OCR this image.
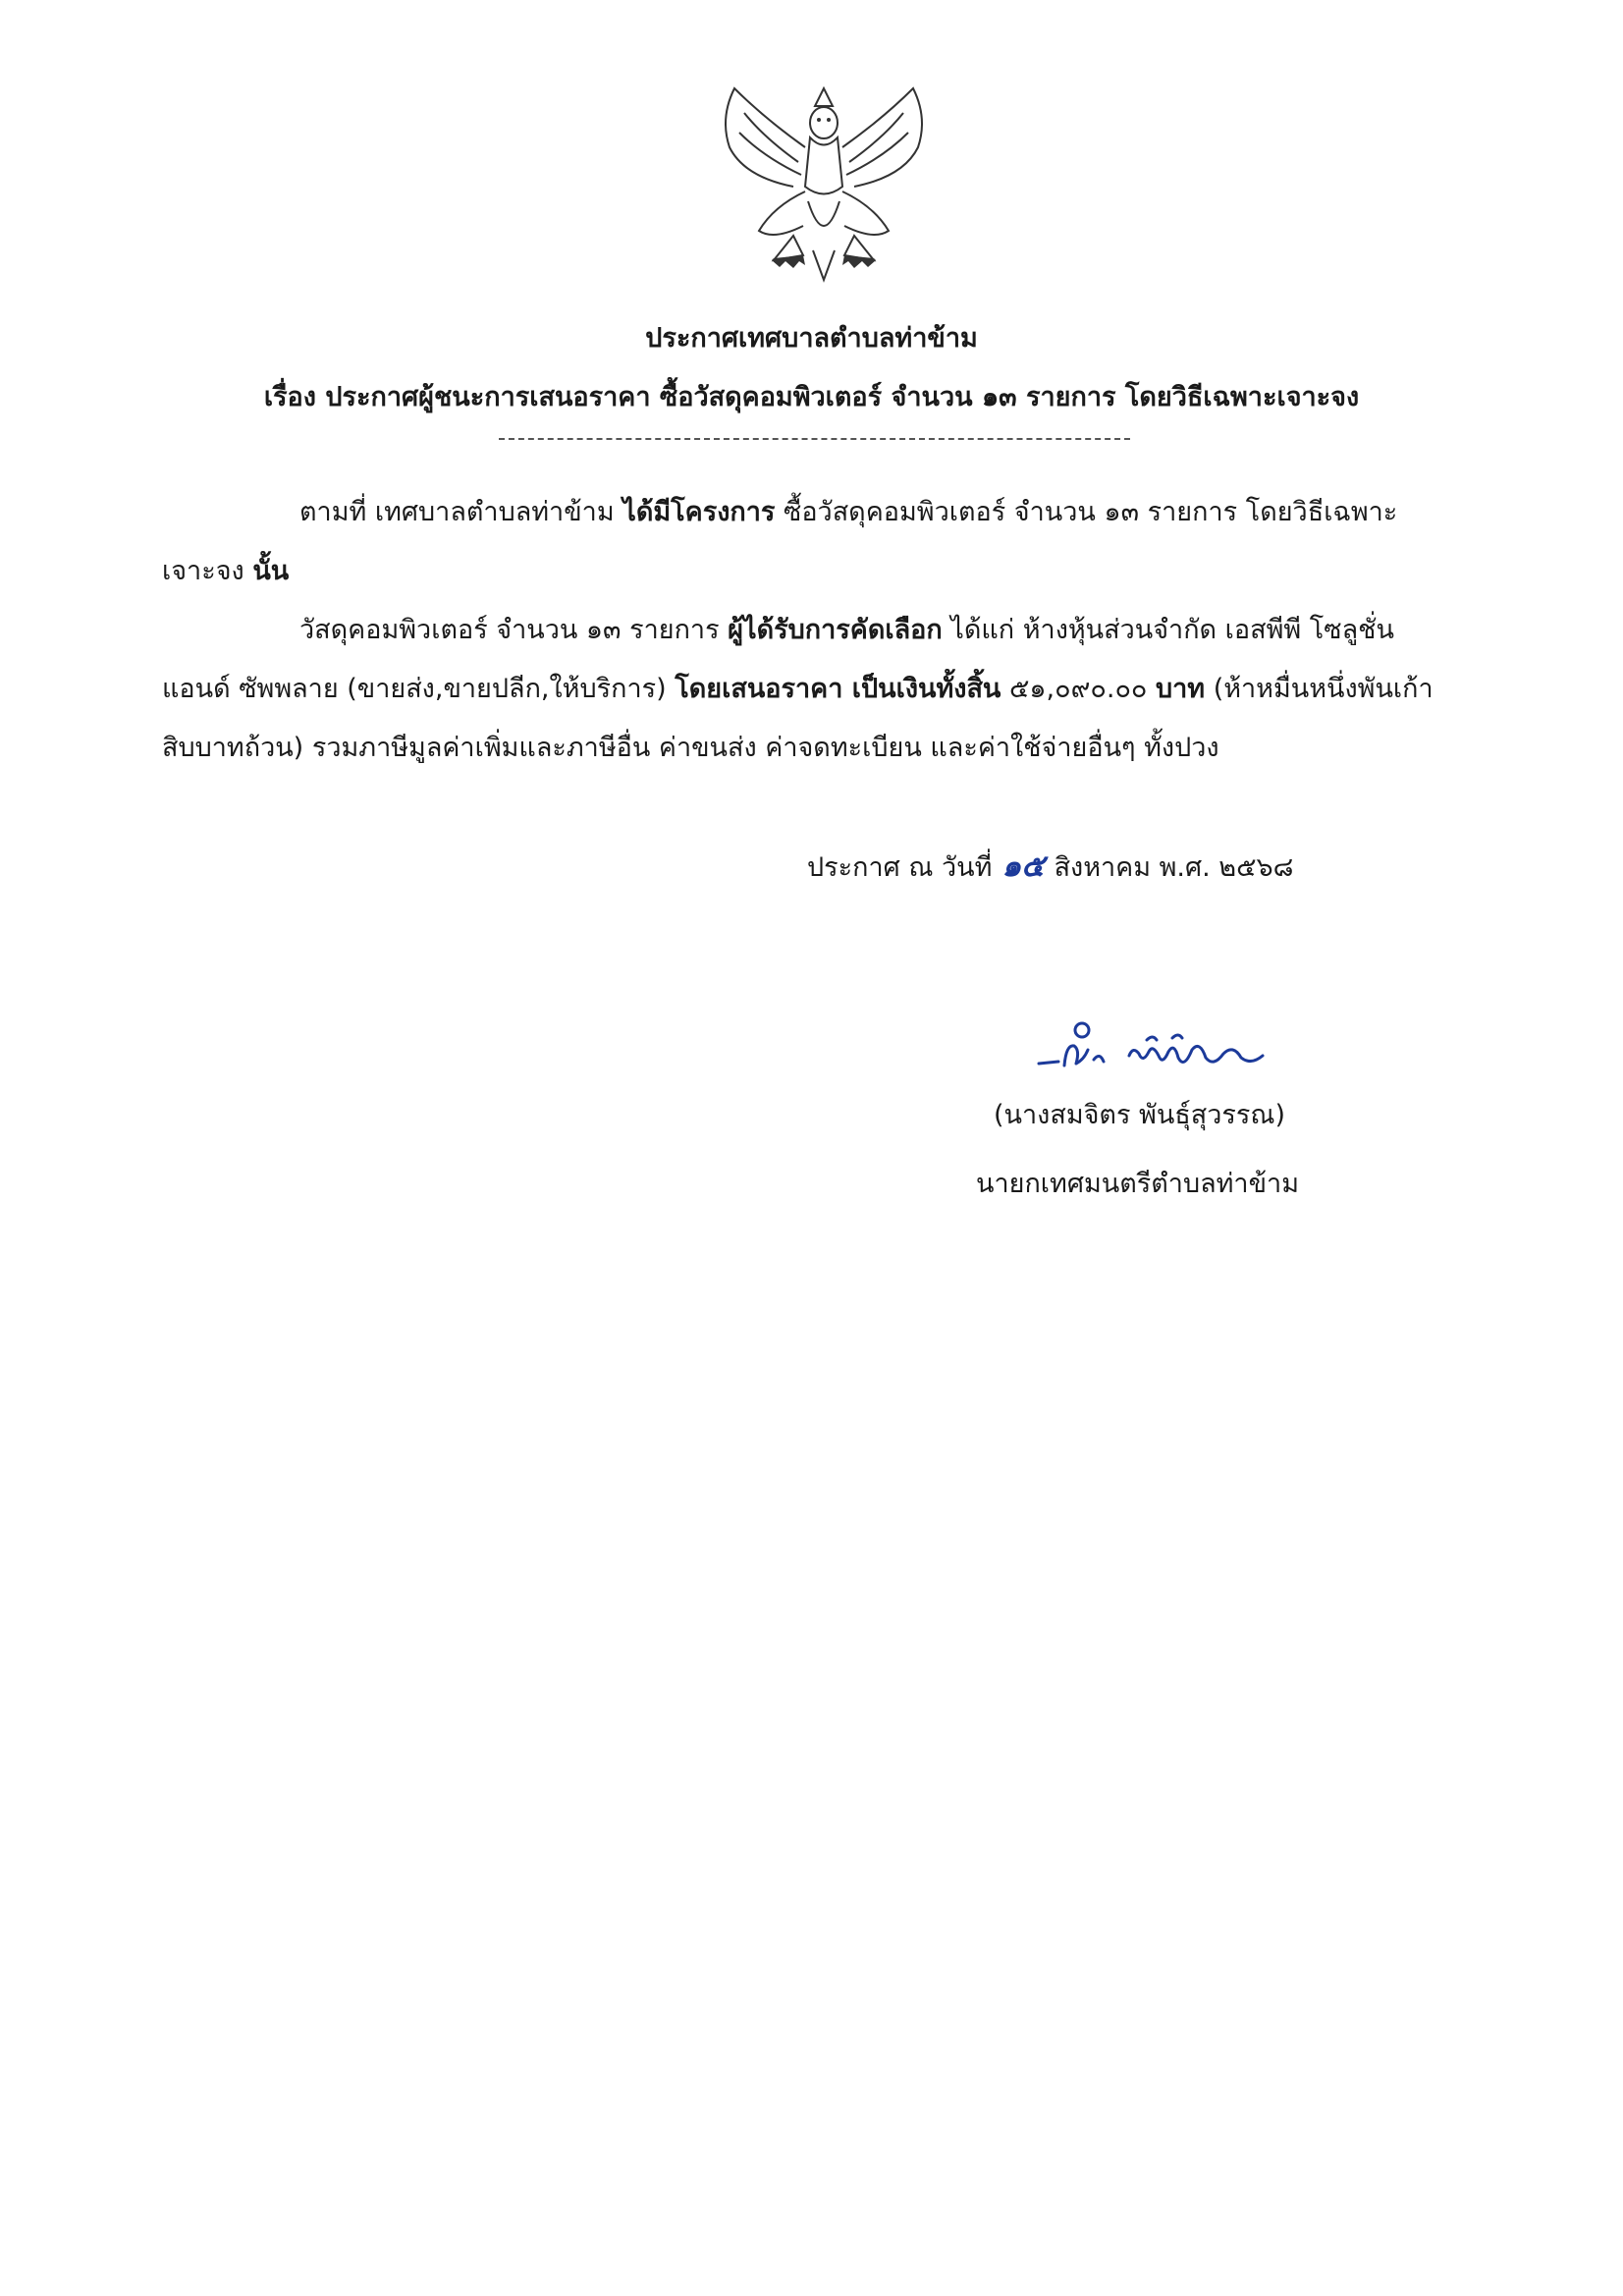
ประกาศเทศบาลตำบลท่าข้าม
เรื่อง ประกาศผู้ชนะการเสนอราคา ซื้อวัสดุคอมพิวเตอร์ จำนวน ๑๓ รายการ โดยวิธีเฉพาะเจาะจง
ตามที่ เทศบาลตำบลท่าข้าม ได้มีโครงการ ซื้อวัสดุคอมพิวเตอร์ จำนวน ๑๓ รายการ โดยวิธีเฉพาะ
เจาะจง นั้น
วัสดุคอมพิวเตอร์ จำนวน ๑๓ รายการ ผู้ได้รับการคัดเลือก ได้แก่ ห้างหุ้นส่วนจำกัด เอสพีพี โซลูชั่น
แอนด์ ซัพพลาย (ขายส่ง,ขายปลีก,ให้บริการ) โดยเสนอราคา เป็นเงินทั้งสิ้น ๕๑,๐๙๐.๐๐ บาท (ห้าหมื่นหนึ่งพันเก้า
สิบบาทถ้วน) รวมภาษีมูลค่าเพิ่มและภาษีอื่น ค่าขนส่ง ค่าจดทะเบียน และค่าใช้จ่ายอื่นๆ ทั้งปวง
ประกาศ ณ วันที่ ๑๕ สิงหาคม พ.ศ. ๒๕๖๘
(นางสมจิตร พันธุ์สุวรรณ)
นายกเทศมนตรีตำบลท่าข้าม
